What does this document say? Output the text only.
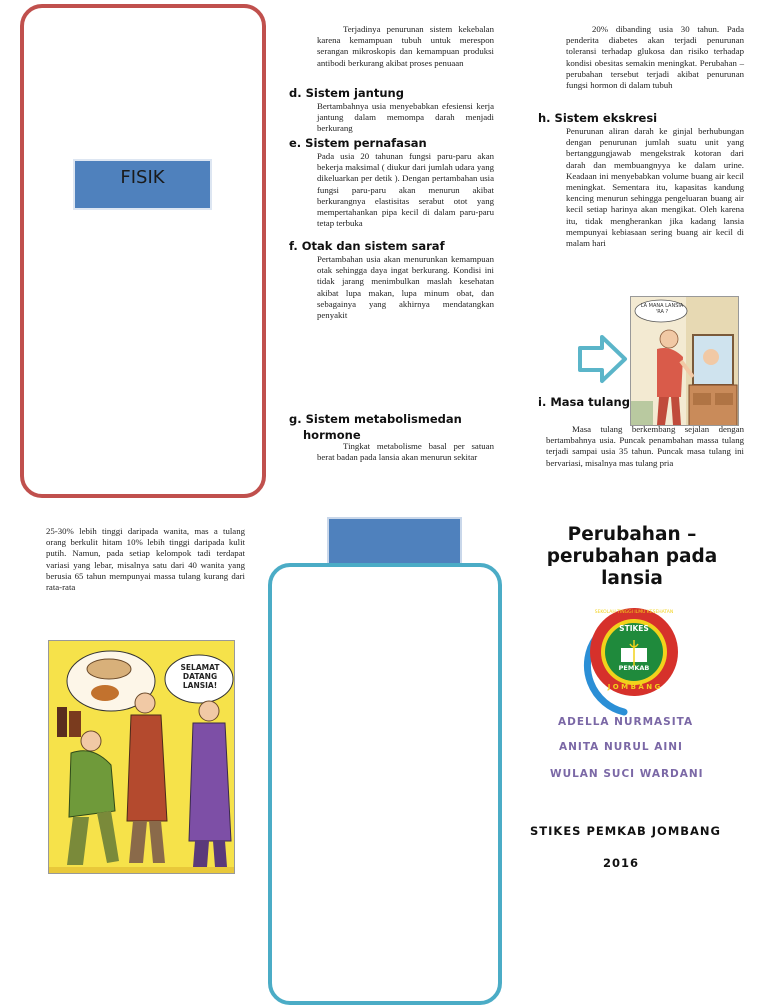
FISIK
Terjadinya penurunan sistem kekebalan karena kemampuan tubuh untuk merespon serangan mikroskopis dan kemampuan produksi antibodi berkurang akibat proses penuaan
d. Sistem jantung
Bertambahnya usia menyebabkan efesiensi kerja jantung dalam memompa darah menjadi berkurang
e. Sistem pernafasan
Pada usia 20 tahunan fungsi paru-paru akan bekerja maksimal ( diukur dari jumlah udara yang dikeluarkan per detik ). Dengan pertambahan usia fungsi paru-paru akan menurun akibat berkurangnya elastisitas serabut otot yang mempertahankan pipa kecil di dalam paru-paru tetap terbuka
f. Otak dan sistem saraf
Pertambahan usia akan menurunkan kemampuan otak sehingga daya ingat berkurang. Kondisi ini tidak jarang menimbulkan maslah kesehatan akibat lupa makan, lupa minum obat, dan sebagainya yang akhirnya mendatangkan penyakit
g. Sistem metabolismedan
hormone
Tingkat metabolisme basal per satuan berat badan pada lansia akan menurun sekitar
20% dibanding usia 30 tahun. Pada penderita diabetes akan terjadi penurunan toleransi terhadap glukosa dan risiko terhadap kondisi obesitas semakin meningkat. Perubahan – perubahan tersebut terjadi akibat penurunan fungsi hormon di dalam tubuh
h. Sistem ekskresi
Penurunan aliran darah ke ginjal berhubungan dengan penurunan jumlah suatu unit yang bertanggungjawab mengekstrak kotoran dari darah dan membuangnyya ke dalam urine. Keadaan ini menyebabkan volume buang air kecil meningkat. Sementara itu, kapasitas kandung kencing menurun sehingga pengeluaran buang air kecil setiap harinya akan mengikat. Oleh karena itu, tidak mengherankan jika kadang lansia mempunyai kebiasaan sering buang air kecil di malam hari
LA MANA LANSIA 'RA ?
i. Masa tulang
Masa tulang berkembang sejalan dengan bertambahnya usia. Puncak penambahan massa tulang terjadi sampai usia 35 tahun. Puncak masa tulang ini bervariasi, misalnya mas tulang pria
25-30% lebih tinggi daripada wanita, mas a tulang orang berkulit hitam 10% lebih tinggi daripada kulit putih. Namun, pada setiap kelompok tadi terdapat variasi yang lebar, misalnya satu dari 40 wanita yang berusia 65 tahun mempunyai massa tulang kurang dari rata-rata
SELAMAT DATANG LANSIA!
Perubahan – perubahan pada lansia
STIKES
PEMKAB
SEKOLAH TINGGI ILMU KESEHATAN
J O M B A N G
ADELLA NURMASITA
ANITA NURUL AINI
WULAN SUCI WARDANI
STIKES PEMKAB JOMBANG
2016
